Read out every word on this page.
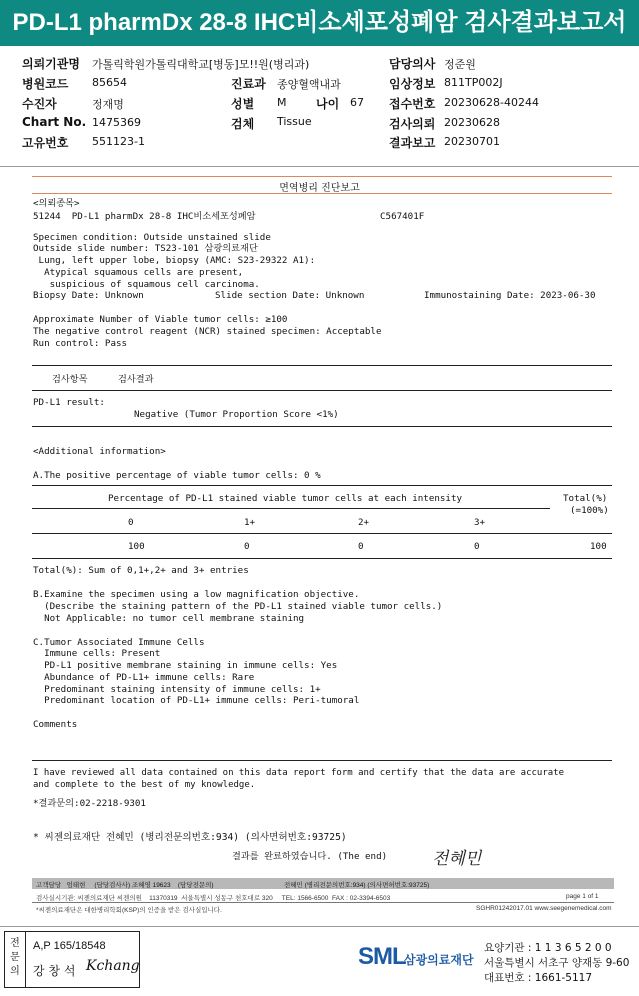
PD-L1 pharmDx 28-8 IHC비소세포성폐암 검사결과보고서
의뢰기관명 가톨릭학원가톨릭대학교[병동]모!!원(병리과)	담당의사 정준원
병원코드 85654	진료과 종양혈액내과	임상정보 811TP002J
수진자	정재명	성별 M 나이 67 접수번호 20230628-40244
Chart No. 1475369	검체 Tissue	검사의뢰 20230628
고유번호 551123-1	결과보고 20230701
면역병리 진단보고
<의뢰종목>
51244  PD-L1 pharmDx 28-8 IHC비소세포성폐암	C567401F
Specimen condition: Outside unstained slide
Outside slide number: TS23-101 삼광의료재단
Lung, left upper lobe, biopsy (AMC: S23-29322 A1):
Atypical squamous cells are present,
suspicious of squamous cell carcinoma.
Biopsy Date: Unknown	Slide section Date: Unknown	Immunostaining Date: 2023-06-30
Approximate Number of Viable tumor cells: ≥100
The negative control reagent (NCR) stained specimen: Acceptable
Run control: Pass
검사항목	검사결과
PD-L1 result:
Negative (Tumor Proportion Score <1%)
<Additional information>
A.The positive percentage of viable tumor cells: 0 %
Percentage of PD-L1 stained viable tumor cells at each intensity	Total(%)
(=100%)
0	1+	2+	3+
100	0	0	0	100
Total(%): Sum of 0,1+,2+ and 3+ entries
B.Examine the specimen using a low magnification objective.
(Describe the staining pattern of the PD-L1 stained viable tumor cells.)
Not Applicable: no tumor cell membrane staining
C.Tumor Associated Immune Cells
Immune cells: Present
PD-L1 positive membrane staining in immune cells: Yes
Abundance of PD-L1+ immune cells: Rare
Predominant staining intensity of immune cells: 1+
Predominant location of PD-L1+ immune cells: Peri-tumoral
Comments
I have reviewed all data contained on this data report form and certify that the data are accurate
and complete to the best of my knowledge.
*결과문의:02-2218-9301
* 씨젠의료재단 전혜민 (병리전문의번호:934) (의사면허번호:93725)
결과를 완료하였습니다. (The end)	전혜민
고객담당   엄태현     (담당검사사) 조혜영 19623    (담당전문의)	전혜민 (병리전문의번호:934) (의사면허번호:93725)
검사실시기관: 씨젠의료재단 씨젠의원    11370319  서울특별시 성동구 천호대로 320     TEL: 1566-6500  FAX : 02-3394-6503	page 1 of 1
*씨젠의료재단은 대한병리학회(KSP)의 인증을 받은 검사실입니다.	SGHR01242017.01 www.seegenemedical.com
전문의
A,P 165/18548
강 창 석 Kchang	SML
삼광의료재단
요양기관 : 1 1 3 6 5 2 0 0
서울특별시 서초구 양재동 9-60
대표번호 : 1661-5117
